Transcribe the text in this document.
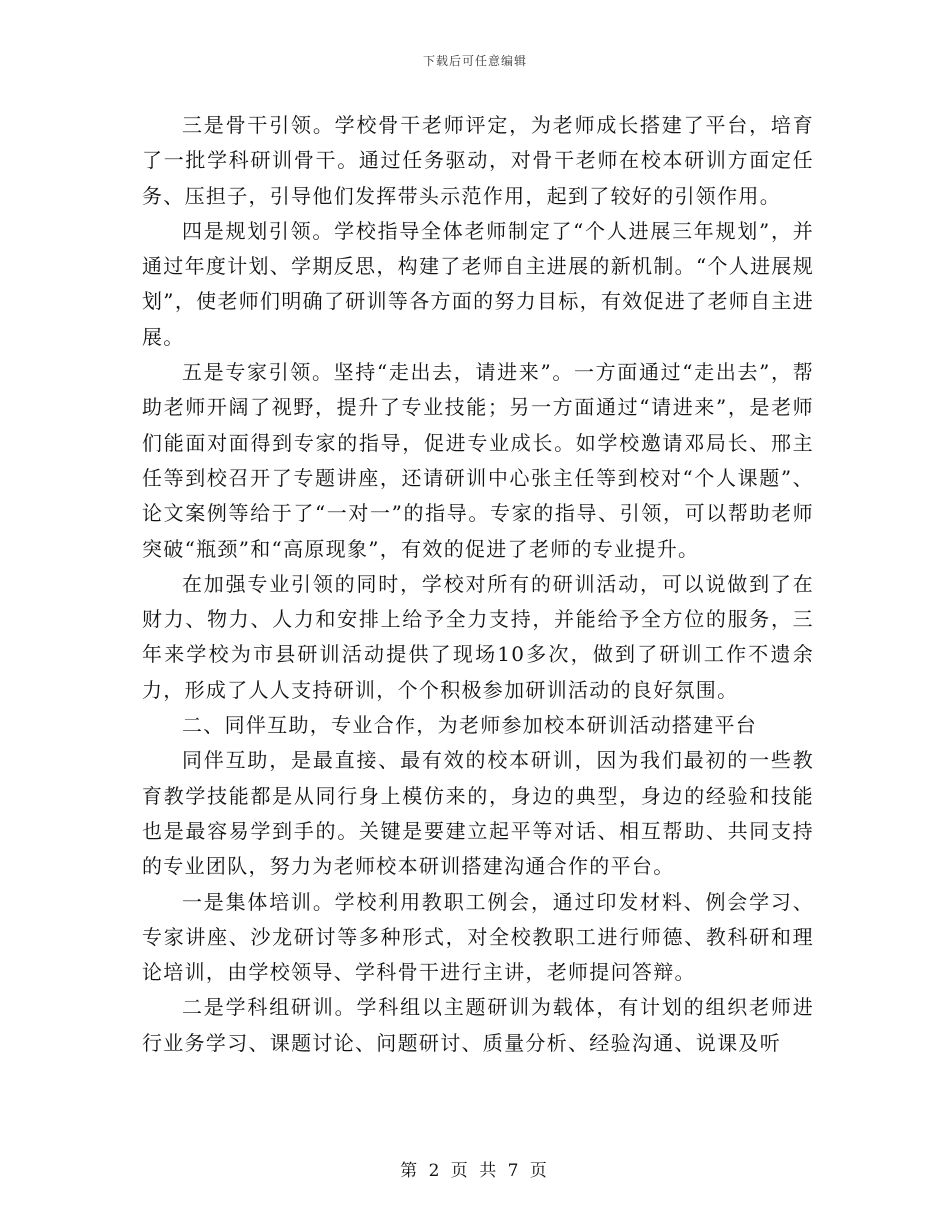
下载后可任意编辑

三是骨干引领。学校骨干老师评定，为老师成长搭建了平台，培育了一批学科研训骨干。通过任务驱动，对骨干老师在校本研训方面定任务、压担子，引导他们发挥带头示范作用，起到了较好的引领作用。

四是规划引领。学校指导全体老师制定了“个人进展三年规划”，并通过年度计划、学期反思，构建了老师自主进展的新机制。“个人进展规划”，使老师们明确了研训等各方面的努力目标，有效促进了老师自主进展。

五是专家引领。坚持“走出去，请进来”。一方面通过“走出去”，帮助老师开阔了视野，提升了专业技能；另一方面通过“请进来”，是老师们能面对面得到专家的指导，促进专业成长。如学校邀请邓局长、邢主任等到校召开了专题讲座，还请研训中心张主任等到校对“个人课题”、论文案例等给于了“一对一”的指导。专家的指导、引领，可以帮助老师突破“瓶颈”和“高原现象”，有效的促进了老师的专业提升。

在加强专业引领的同时，学校对所有的研训活动，可以说做到了在财力、物力、人力和安排上给予全力支持，并能给予全方位的服务，三年来学校为市县研训活动提供了现场10多次，做到了研训工作不遗余力，形成了人人支持研训，个个积极参加研训活动的良好氛围。

二、同伴互助，专业合作，为老师参加校本研训活动搭建平台

同伴互助，是最直接、最有效的校本研训，因为我们最初的一些教育教学技能都是从同行身上模仿来的，身边的典型，身边的经验和技能也是最容易学到手的。关键是要建立起平等对话、相互帮助、共同支持的专业团队，努力为老师校本研训搭建沟通合作的平台。

一是集体培训。学校利用教职工例会，通过印发材料、例会学习、专家讲座、沙龙研讨等多种形式，对全校教职工进行师德、教科研和理论培训，由学校领导、学科骨干进行主讲，老师提问答辩。

二是学科组研训。学科组以主题研训为载体，有计划的组织老师进行业务学习、课题讨论、问题研讨、质量分析、经验沟通、说课及听

第 2 页 共 7 页
